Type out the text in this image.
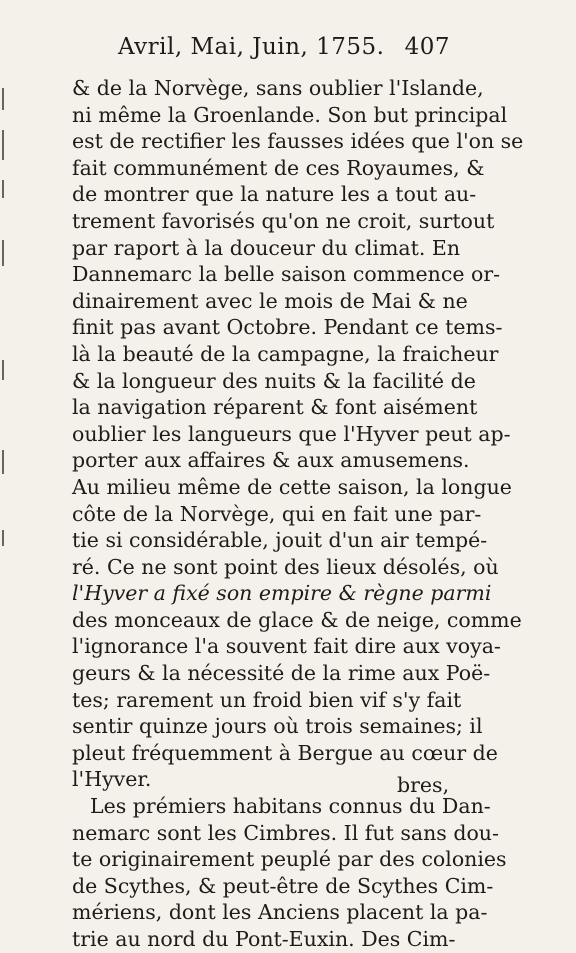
Avril, Mai, Juin, 1755. 407
& de la Norvège, sans oublier l'Islande,
ni même la Groenlande. Son but principal
est de rectifier les fausses idées que l'on se
fait communément de ces Royaumes, &
de montrer que la nature les a tout au-
trement favorisés qu'on ne croit, surtout
par raport à la douceur du climat. En
Dannemarc la belle saison commence or-
dinairement avec le mois de Mai & ne
finit pas avant Octobre. Pendant ce tems-
là la beauté de la campagne, la fraicheur
& la longueur des nuits & la facilité de
la navigation réparent & font aisément
oublier les langueurs que l'Hyver peut ap-
porter aux affaires & aux amusemens.
Au milieu même de cette saison, la longue
côte de la Norvège, qui en fait une par-
tie si considérable, jouit d'un air tempé-
ré. Ce ne sont point des lieux désolés, où
l'Hyver a fixé son empire & règne parmi
des monceaux de glace & de neige, comme
l'ignorance l'a souvent fait dire aux voya-
geurs & la nécessité de la rime aux Poë-
tes; rarement un froid bien vif s'y fait
sentir quinze jours où trois semaines; il
pleut fréquemment à Bergue au cœur de
l'Hyver.
Les prémiers habitans connus du Dan-
nemarc sont les Cimbres. Il fut sans dou-
te originairement peuplé par des colonies
de Scythes, & peut-être de Scythes Cim-
mériens, dont les Anciens placent la pa-
trie au nord du Pont-Euxin. Des Cim-
bres,
